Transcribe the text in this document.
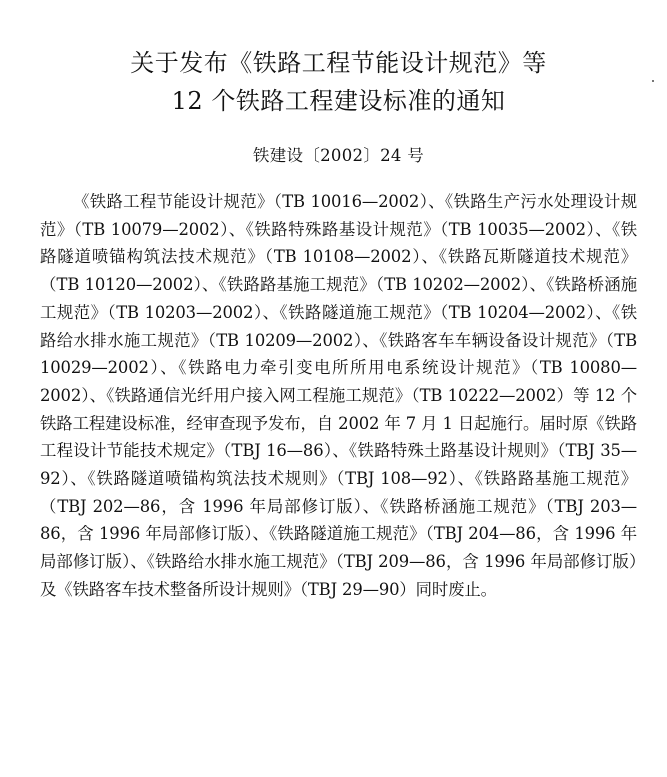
关于发布《铁路工程节能设计规范》等
12 个铁路工程建设标准的通知
铁建设〔2002〕24 号

《铁路工程节能设计规范》（TB 10016—2002）、《铁路生产污水处理设计规范》（TB 10079—2002）、《铁路特殊路基设计规范》（TB 10035—2002）、《铁路隧道喷锚构筑法技术规范》（TB 10108—2002）、《铁路瓦斯隧道技术规范》（TB 10120—2002）、《铁路路基施工规范》（TB 10202—2002）、《铁路桥涵施工规范》（TB 10203—2002）、《铁路隧道施工规范》（TB 10204—2002）、《铁路给水排水施工规范》（TB 10209—2002）、《铁路客车车辆设备设计规范》（TB 10029—2002）、《铁路电力牵引变电所所用电系统设计规范》（TB 10080—2002）、《铁路通信光纤用户接入网工程施工规范》（TB 10222—2002）等 12 个铁路工程建设标准，经审查现予发布，自 2002 年 7 月 1 日起施行。届时原《铁路工程设计节能技术规定》（TBJ 16—86）、《铁路特殊土路基设计规则》（TBJ 35—92）、《铁路隧道喷锚构筑法技术规则》（TBJ 108—92）、《铁路路基施工规范》（TBJ 202—86，含 1996 年局部修订版）、《铁路桥涵施工规范》（TBJ 203—86，含 1996 年局部修订版）、《铁路隧道施工规范》（TBJ 204—86，含 1996 年局部修订版）、《铁路给水排水施工规范》（TBJ 209—86，含 1996 年局部修订版）及《铁路客车技术整备所设计规则》（TBJ 29—90）同时废止。
